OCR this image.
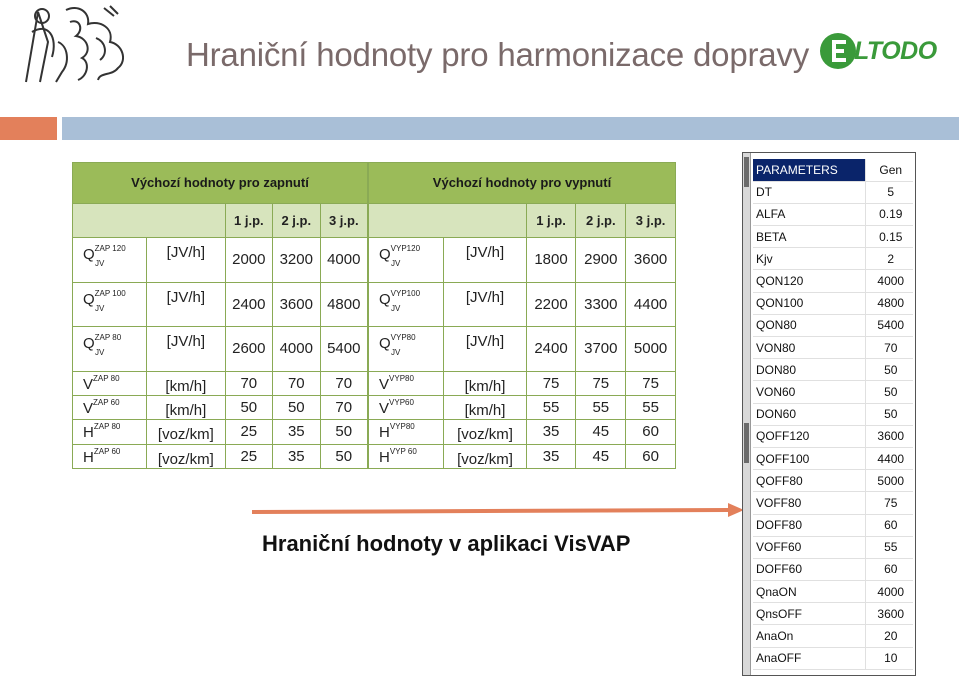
Hraniční hodnoty pro harmonizace dopravy LTODO
Výchozí hodnoty pro zapnutí				
		1 j.p.	2 j.p.	3 j.p.
$Q^{ZAP 120}$
$_{JV}$	[JV/h]	2000	3200	4000
$Q^{ZAP 100}$
$_{JV}$	[JV/h]	2400	3600	4800
$Q^{ZAP 80}$
$_{JV}$	[JV/h]	2600	4000	5400
$V^{ZAP 80}$	[km/h]	70	70	70
$V^{ZAP 60}$	[km/h]	50	50	70
$H^{ZAP 80}$	[voz/km]	25	35	50
$H^{ZAP 60}$	[voz/km]	25	35	50
Výchozí hodnoty pro vypnutí				
		1 j.p.	2 j.p.	3 j.p.
$Q^{VYP120}$
$_{JV}$	[JV/h]	1800	2900	3600
$Q^{VYP100}$
$_{JV}$	[JV/h]	2200	3300	4400
$Q^{VYP80}$
$_{JV}$	[JV/h]	2400	3700	5000
$V^{VYP80}$	[km/h]	75	75	75
$V^{VYP60}$	[km/h]	55	55	55
$H^{VYP80}$	[voz/km]	35	45	60
$H^{VYP 60}$	[voz/km]	35	45	60
Hraniční hodnoty v aplikaci VisVAP
PARAMETERS	Gen
DT	5
ALFA	0.19
BETA	0.15
Kjv	2
QON120	4000
QON100	4800
QON80	5400
VON80	70
DON80	50
VON60	50
DON60	50
QOFF120	3600
QOFF100	4400
QOFF80	5000
VOFF80	75
DOFF80	60
VOFF60	55
DOFF60	60
QnaON	4000
QnsOFF	3600
AnaOn	20
AnaOFF	10
